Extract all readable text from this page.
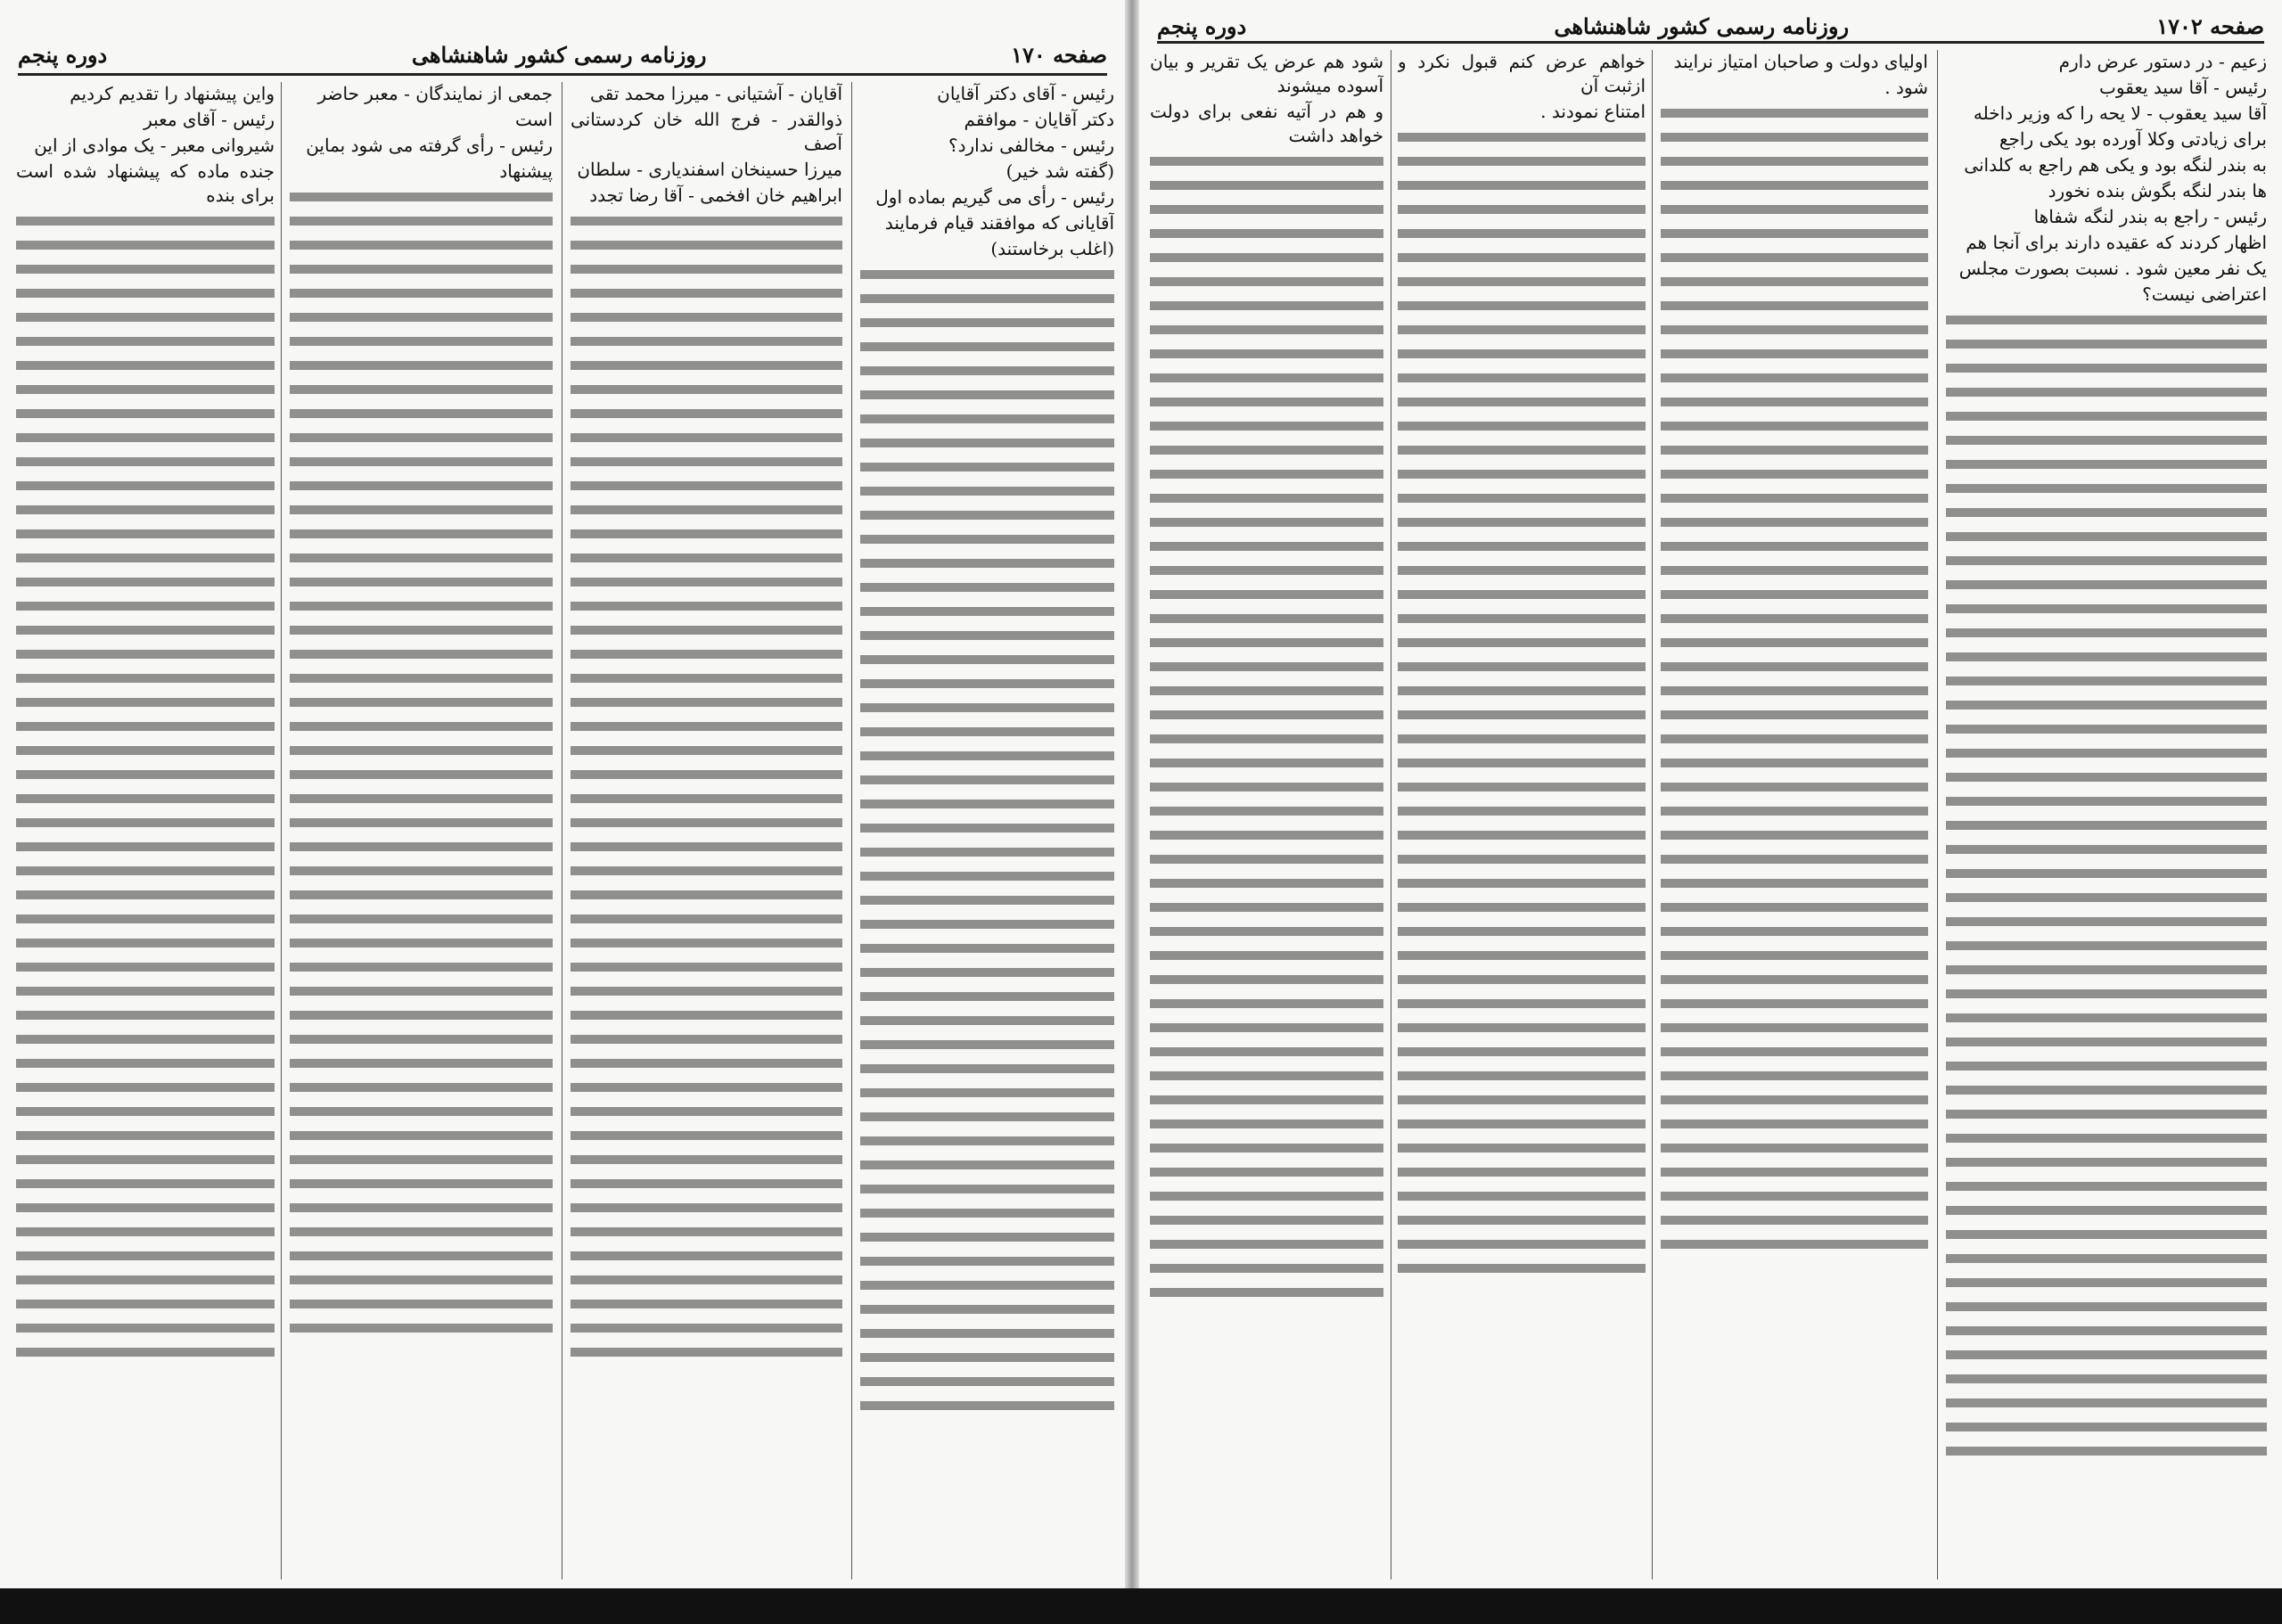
صفحه ۱۷۰
روزنامه رسمی کشور شاهنشاهی
دوره پنجم

رئیس - آقای دکتر آقایان

دکتر آقایان - موافقم

رئیس - مخالفی ندارد؟

(گفته شد خیر)

رئیس - رأی می گیریم بماده اول

آقایانی که موافقند قیام فرمایند

(اغلب برخاستند)

آقایان - آشتیانی - میرزا محمد تقی

ذوالقدر - فرج الله خان کردستانی آصف

میرزا حسینخان اسفندیاری - سلطان

ابراهیم خان افخمی - آقا رضا تجدد

جمعی از نمایندگان - معبر حاضر

است

رئیس - رأی گرفته می شود بماین

پیشنهاد

واین پیشنهاد را تقدیم کردیم

رئیس - آقای معبر

شیروانی معبر - یک موادی از این

جنده ماده که پیشنهاد شده است برای بنده

صفحه ۱۷۰۲
روزنامه رسمی کشور شاهنشاهی
دوره پنجم

زعیم - در دستور عرض دارم

رئیس - آقا سید یعقوب

آقا سید یعقوب - لا یحه را که وزیر داخله

برای زیادتی وکلا آورده بود یکی راجع

به بندر لنگه بود و یکی هم راجع به کلدانی

ها بندر لنگه بگوش بنده نخورد

رئیس - راجع به بندر لنگه شفاها

اظهار کردند که عقیده دارند برای آنجا هم

یک نفر معین شود . نسبت بصورت مجلس

اعتراضی نیست؟

اولیای دولت و صاحبان امتیاز نرایند

شود .

خواهم عرض کنم قبول نکرد و ازثبت آن

امتناع نمودند .

شود هم عرض یک تقریر و بیان آسوده میشوند

و هم در آتیه نفعی برای دولت خواهد داشت
